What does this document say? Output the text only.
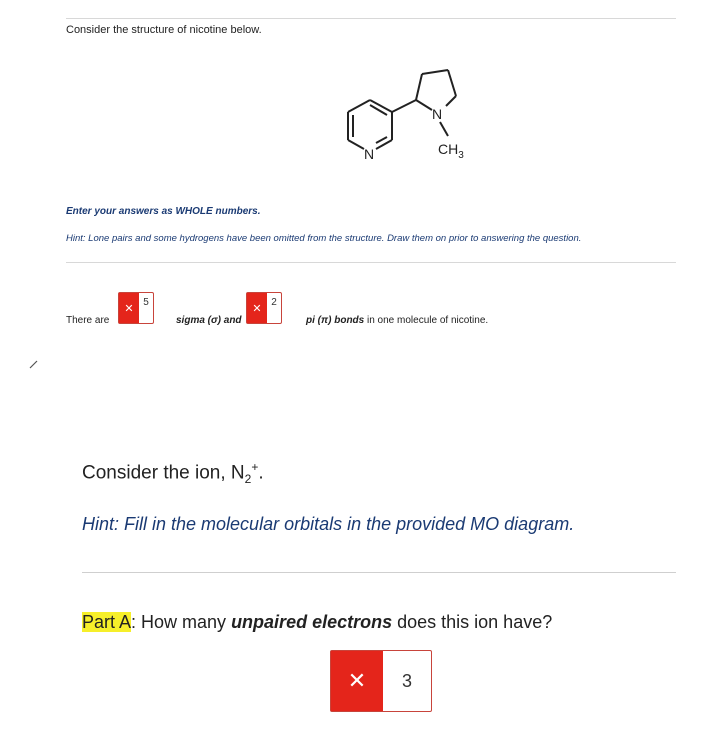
Consider the structure of nicotine below.
N
N	$CH_3$
Enter your answers as WHOLE numbers.
Hint: Lone pairs and some hydrogens have been omitted from the structure. Draw them on prior to answering the question.
There are
✕ 5
sigma (σ) and
✕ 2
pi (π) bonds in one molecule of nicotine.
Consider the ion, $N_2^+$.
Hint: Fill in the molecular orbitals in the provided MO diagram.
Part A: How many unpaired electrons does this ion have?
✕	3
